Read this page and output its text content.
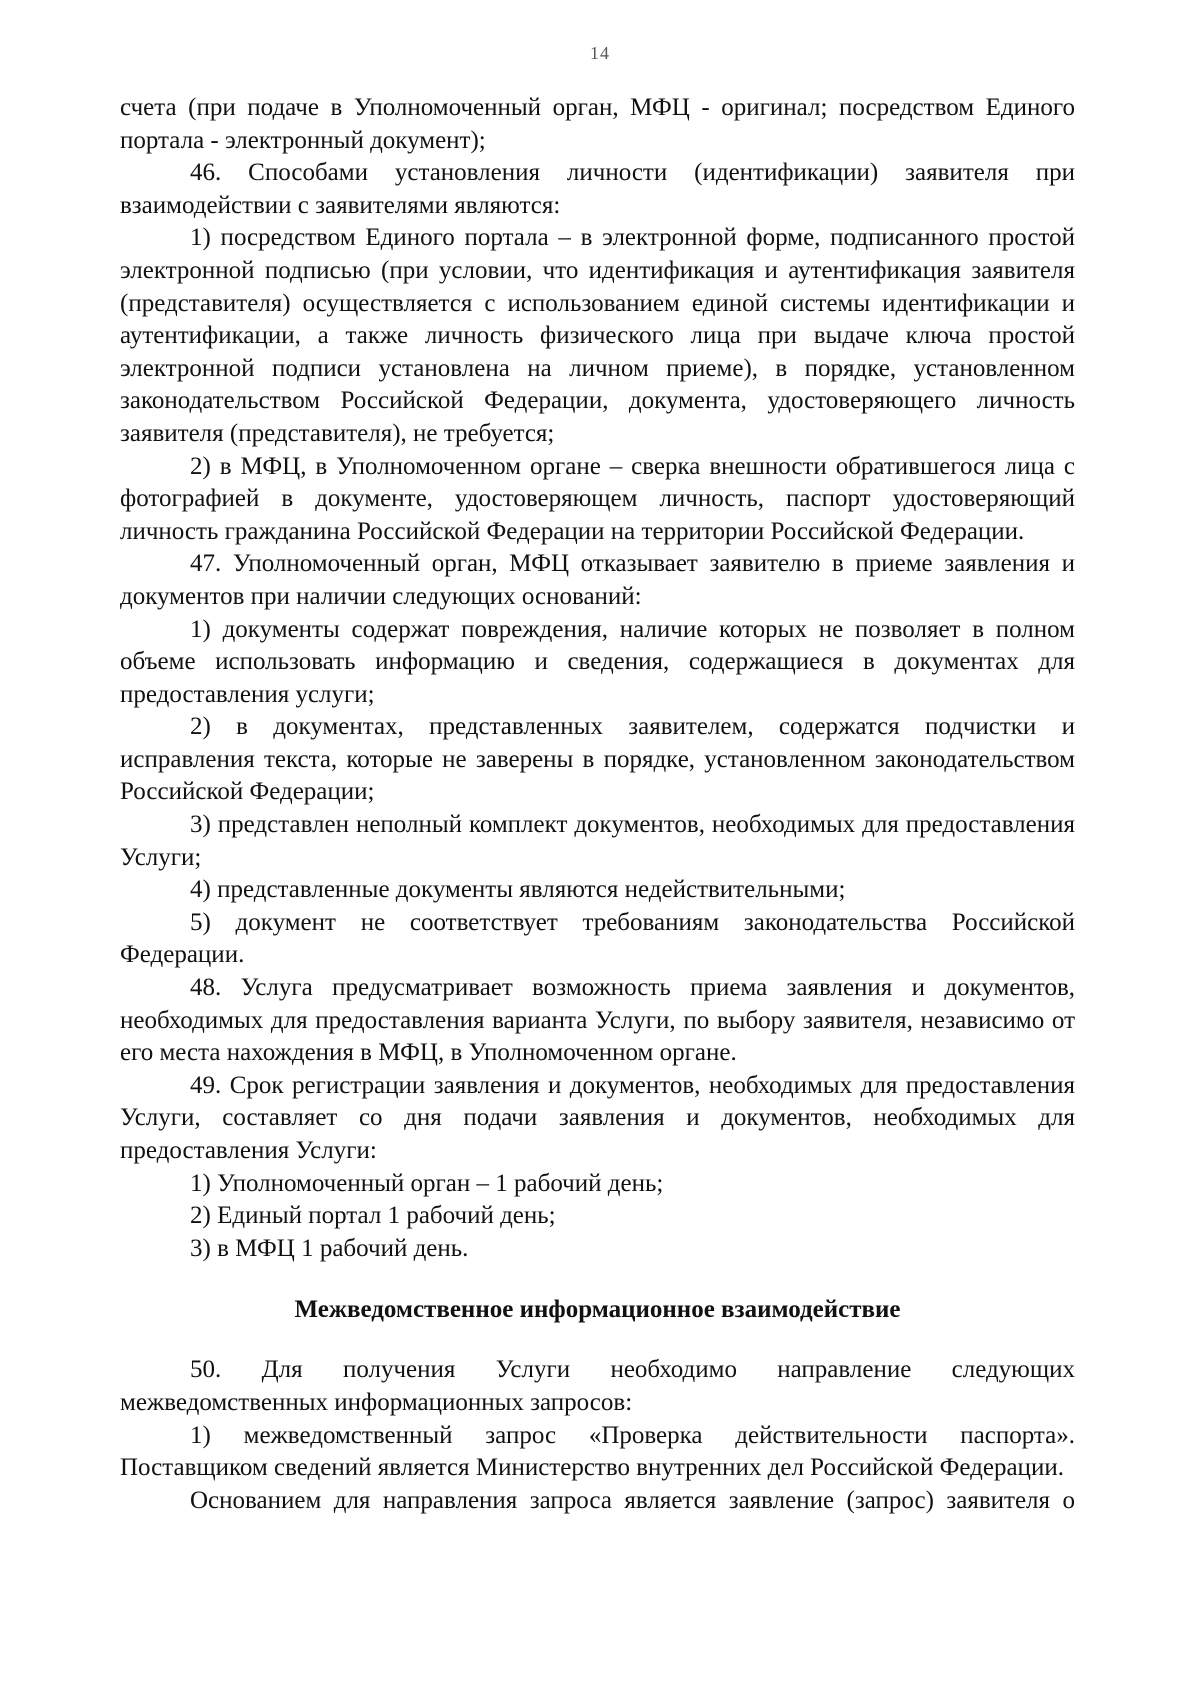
14

счета (при подаче в Уполномоченный орган, МФЦ - оригинал; посредством Единого портала - электронный документ);

46. Способами установления личности (идентификации) заявителя при взаимодействии с заявителями являются:

1) посредством Единого портала – в электронной форме, подписанного простой электронной подписью (при условии, что идентификация и аутентификация заявителя (представителя) осуществляется с использованием единой системы идентификации и аутентификации, а также личность физического лица при выдаче ключа простой электронной подписи установлена на личном приеме), в порядке, установленном законодательством Российской Федерации, документа, удостоверяющего личность заявителя (представителя), не требуется;

2) в МФЦ, в Уполномоченном органе – сверка внешности обратившегося лица с фотографией в документе, удостоверяющем личность, паспорт удостоверяющий личность гражданина Российской Федерации на территории Российской Федерации.

47. Уполномоченный орган, МФЦ отказывает заявителю в приеме заявления и документов при наличии следующих оснований:

1) документы содержат повреждения, наличие которых не позволяет в полном объеме использовать информацию и сведения, содержащиеся в документах для предоставления услуги;

2) в документах, представленных заявителем, содержатся подчистки и исправления текста, которые не заверены в порядке, установленном законодательством Российской Федерации;

3) представлен неполный комплект документов, необходимых для предоставления Услуги;

4) представленные документы являются недействительными;

5) документ не соответствует требованиям законодательства Российской Федерации.

48. Услуга предусматривает возможность приема заявления и документов, необходимых для предоставления варианта Услуги, по выбору заявителя, независимо от его места нахождения в МФЦ, в Уполномоченном органе.

49. Срок регистрации заявления и документов, необходимых для предоставления Услуги, составляет со дня подачи заявления и документов, необходимых для предоставления Услуги:

1) Уполномоченный орган – 1 рабочий день;

2) Единый портал 1 рабочий день;

3) в МФЦ 1 рабочий день.

Межведомственное информационное взаимодействие

50. Для получения Услуги необходимо направление следующих межведомственных информационных запросов:

1) межведомственный запрос «Проверка действительности паспорта». Поставщиком сведений является Министерство внутренних дел Российской Федерации.

Основанием для направления запроса является заявление (запрос) заявителя о
